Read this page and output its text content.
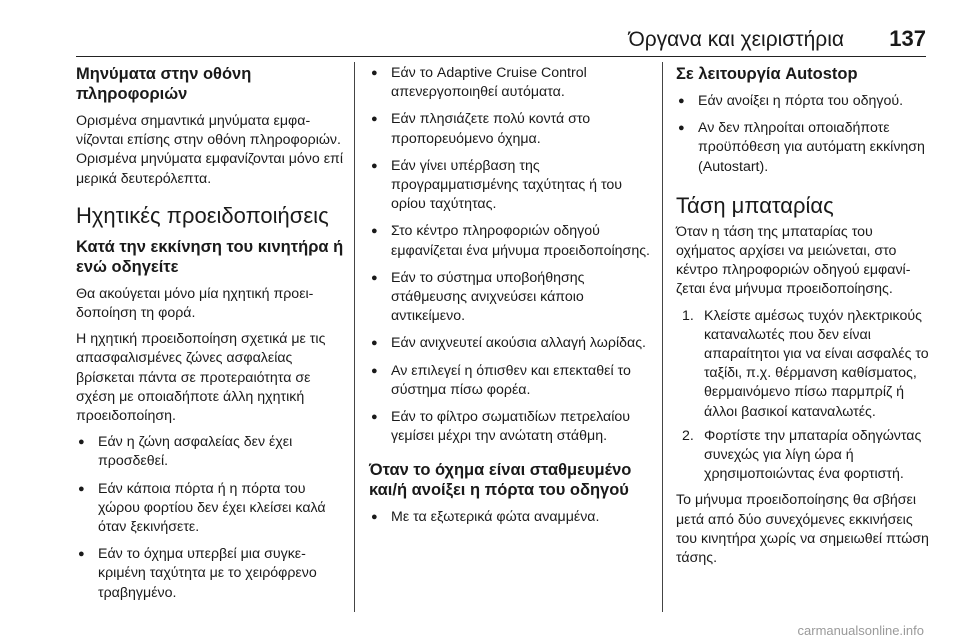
Όργανα και χειριστήρια 137
Μηνύματα στην οθόνη πληροφοριών

Ορισμένα σημαντικά μηνύματα εμφανίζονται επίσης στην οθόνη πληροφοριών. Ορισμένα μηνύματα εμφανίζονται μόνο επί μερικά δευτερόλεπτα.

Ηχητικές προειδοποιήσεις
Κατά την εκκίνηση του κινητήρα ή ενώ οδηγείτε

Θα ακούγεται μόνο μία ηχητική προειδοποίηση τη φορά.

Η ηχητική προειδοποίηση σχετικά με τις απασφαλισμένες ζώνες ασφαλείας βρίσκεται πάντα σε προτεραιότητα σε σχέση με οποιαδήποτε άλλη ηχητική προειδοποίηση.

● Εάν η ζώνη ασφαλείας δεν έχει προσδεθεί.
● Εάν κάποια πόρτα ή η πόρτα του χώρου φορτίου δεν έχει κλείσει καλά όταν ξεκινήσετε.
● Εάν το όχημα υπερβεί μια συγκεκριμένη ταχύτητα με το χειρόφρενο τραβηγμένο.
● Εάν το Adaptive Cruise Control απενεργοποιηθεί αυτόματα.
● Εάν πλησιάζετε πολύ κοντά στο προπορευόμενο όχημα.
● Εάν γίνει υπέρβαση της προγραμματισμένης ταχύτητας ή του ορίου ταχύτητας.
● Στο κέντρο πληροφοριών οδηγού εμφανίζεται ένα μήνυμα προειδοποίησης.
● Εάν το σύστημα υποβοήθησης στάθμευσης ανιχνεύσει κάποιο αντικείμενο.
● Εάν ανιχνευτεί ακούσια αλλαγή λωρίδας.
● Αν επιλεγεί η όπισθεν και επεκταθεί το σύστημα πίσω φορέα.
● Εάν το φίλτρο σωματιδίων πετρελαίου γεμίσει μέχρι την ανώτατη στάθμη.
Όταν το όχημα είναι σταθμευμένο και/ή ανοίξει η πόρτα του οδηγού
● Με τα εξωτερικά φώτα αναμμένα.
Σε λειτουργία Autostop
● Εάν ανοίξει η πόρτα του οδηγού.
● Αν δεν πληροίται οποιαδήποτε προϋπόθεση για αυτόματη εκκίνηση (Autostart).
Τάση μπαταρίας

Όταν η τάση της μπαταρίας του οχήματος αρχίσει να μειώνεται, στο κέντρο πληροφοριών οδηγού εμφανίζεται ένα μήνυμα προειδοποίησης.

1. Κλείστε αμέσως τυχόν ηλεκτρικούς καταναλωτές που δεν είναι απαραίτητοι για να είναι ασφαλές το ταξίδι, π.χ. θέρμανση καθίσματος, θερμαινόμενο πίσω παρμπρίζ ή άλλοι βασικοί καταναλωτές.
2. Φορτίστε την μπαταρία οδηγώντας συνεχώς για λίγη ώρα ή χρησιμοποιώντας ένα φορτιστή.

Το μήνυμα προειδοποίησης θα σβήσει μετά από δύο συνεχόμενες εκκινήσεις του κινητήρα χωρίς να σημειωθεί πτώση τάσης.

carmanualsonline.info
